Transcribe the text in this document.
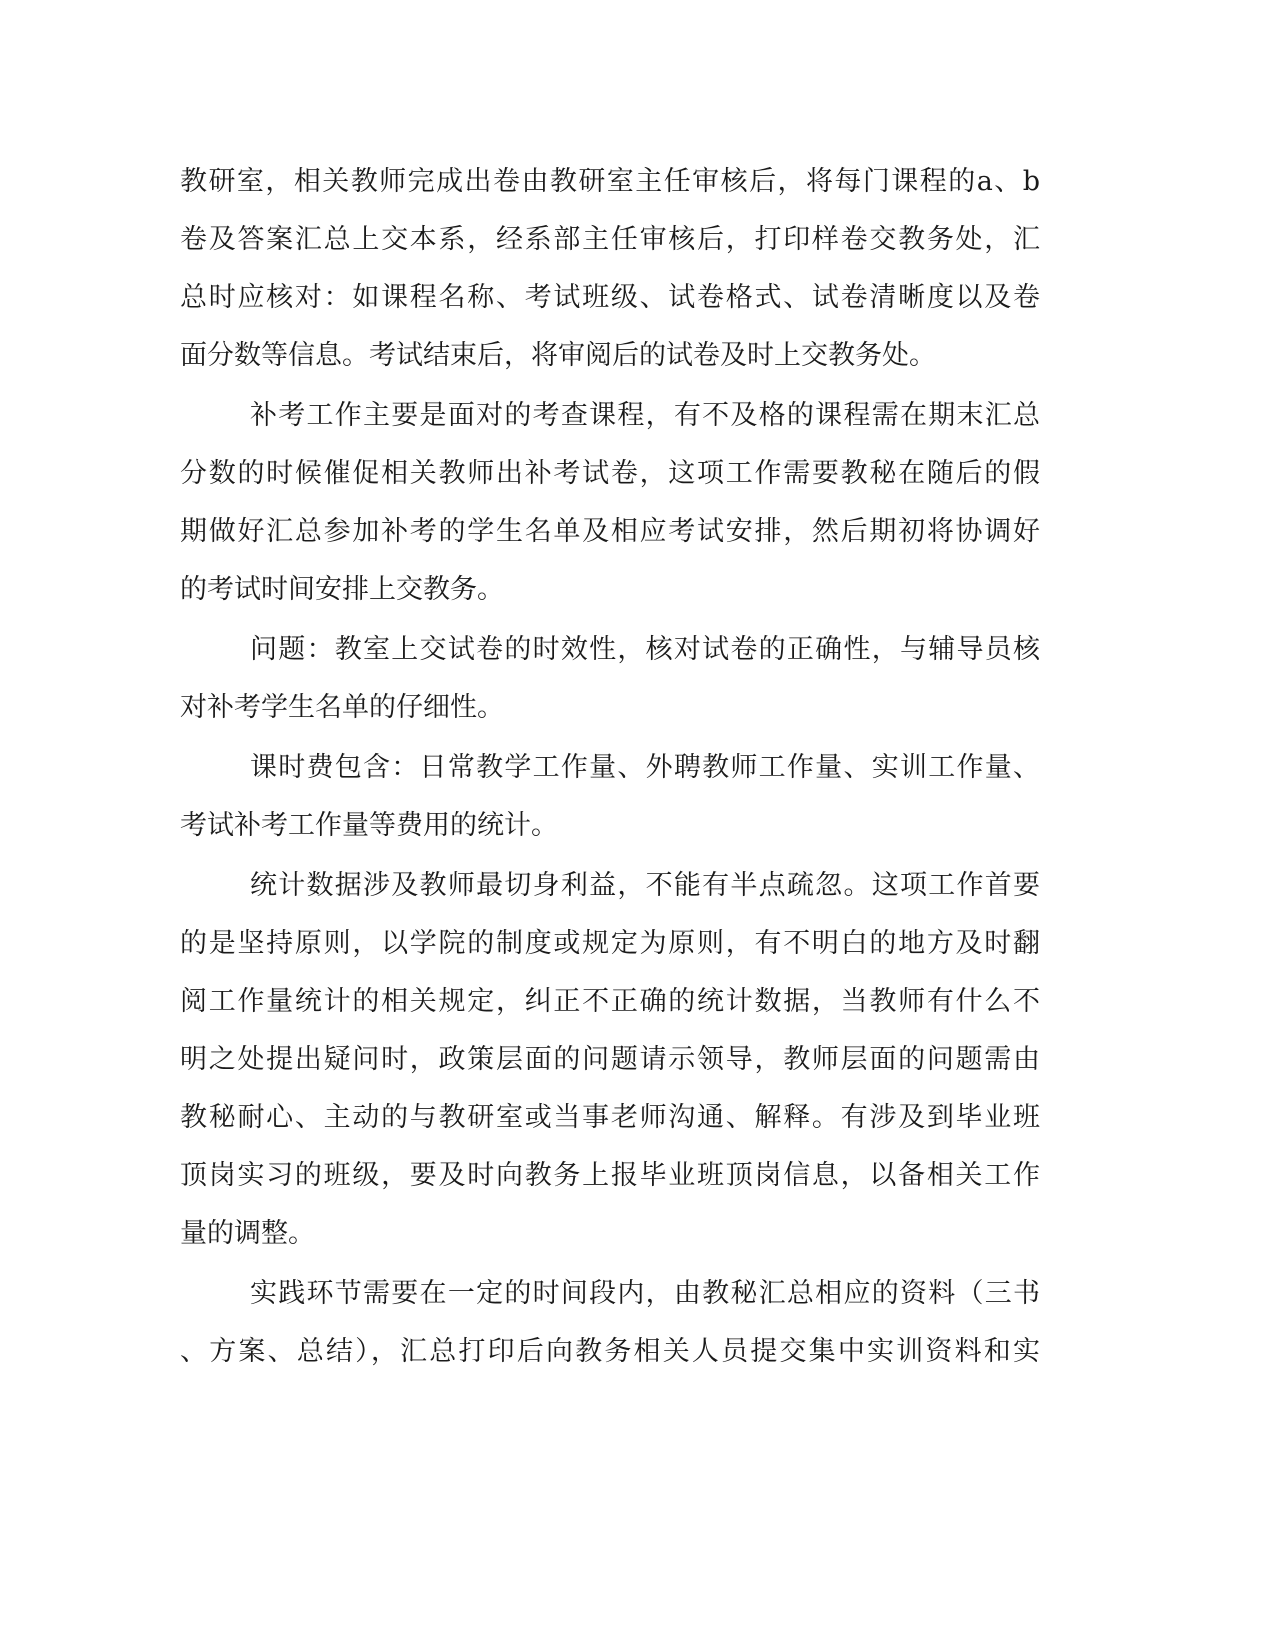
教研室，相关教师完成出卷由教研室主任审核后，将每门课程的a、b
卷及答案汇总上交本系，经系部主任审核后，打印样卷交教务处，汇
总时应核对：如课程名称、考试班级、试卷格式、试卷清晰度以及卷
面分数等信息。考试结束后，将审阅后的试卷及时上交教务处。
补考工作主要是面对的考查课程，有不及格的课程需在期末汇总
分数的时候催促相关教师出补考试卷，这项工作需要教秘在随后的假
期做好汇总参加补考的学生名单及相应考试安排，然后期初将协调好
的考试时间安排上交教务。
问题：教室上交试卷的时效性，核对试卷的正确性，与辅导员核
对补考学生名单的仔细性。
课时费包含：日常教学工作量、外聘教师工作量、实训工作量、
考试补考工作量等费用的统计。
统计数据涉及教师最切身利益，不能有半点疏忽。这项工作首要
的是坚持原则，以学院的制度或规定为原则，有不明白的地方及时翻
阅工作量统计的相关规定，纠正不正确的统计数据，当教师有什么不
明之处提出疑问时，政策层面的问题请示领导，教师层面的问题需由
教秘耐心、主动的与教研室或当事老师沟通、解释。有涉及到毕业班
顶岗实习的班级，要及时向教务上报毕业班顶岗信息，以备相关工作
量的调整。
实践环节需要在一定的时间段内，由教秘汇总相应的资料（三书
、方案、总结），汇总打印后向教务相关人员提交集中实训资料和实
